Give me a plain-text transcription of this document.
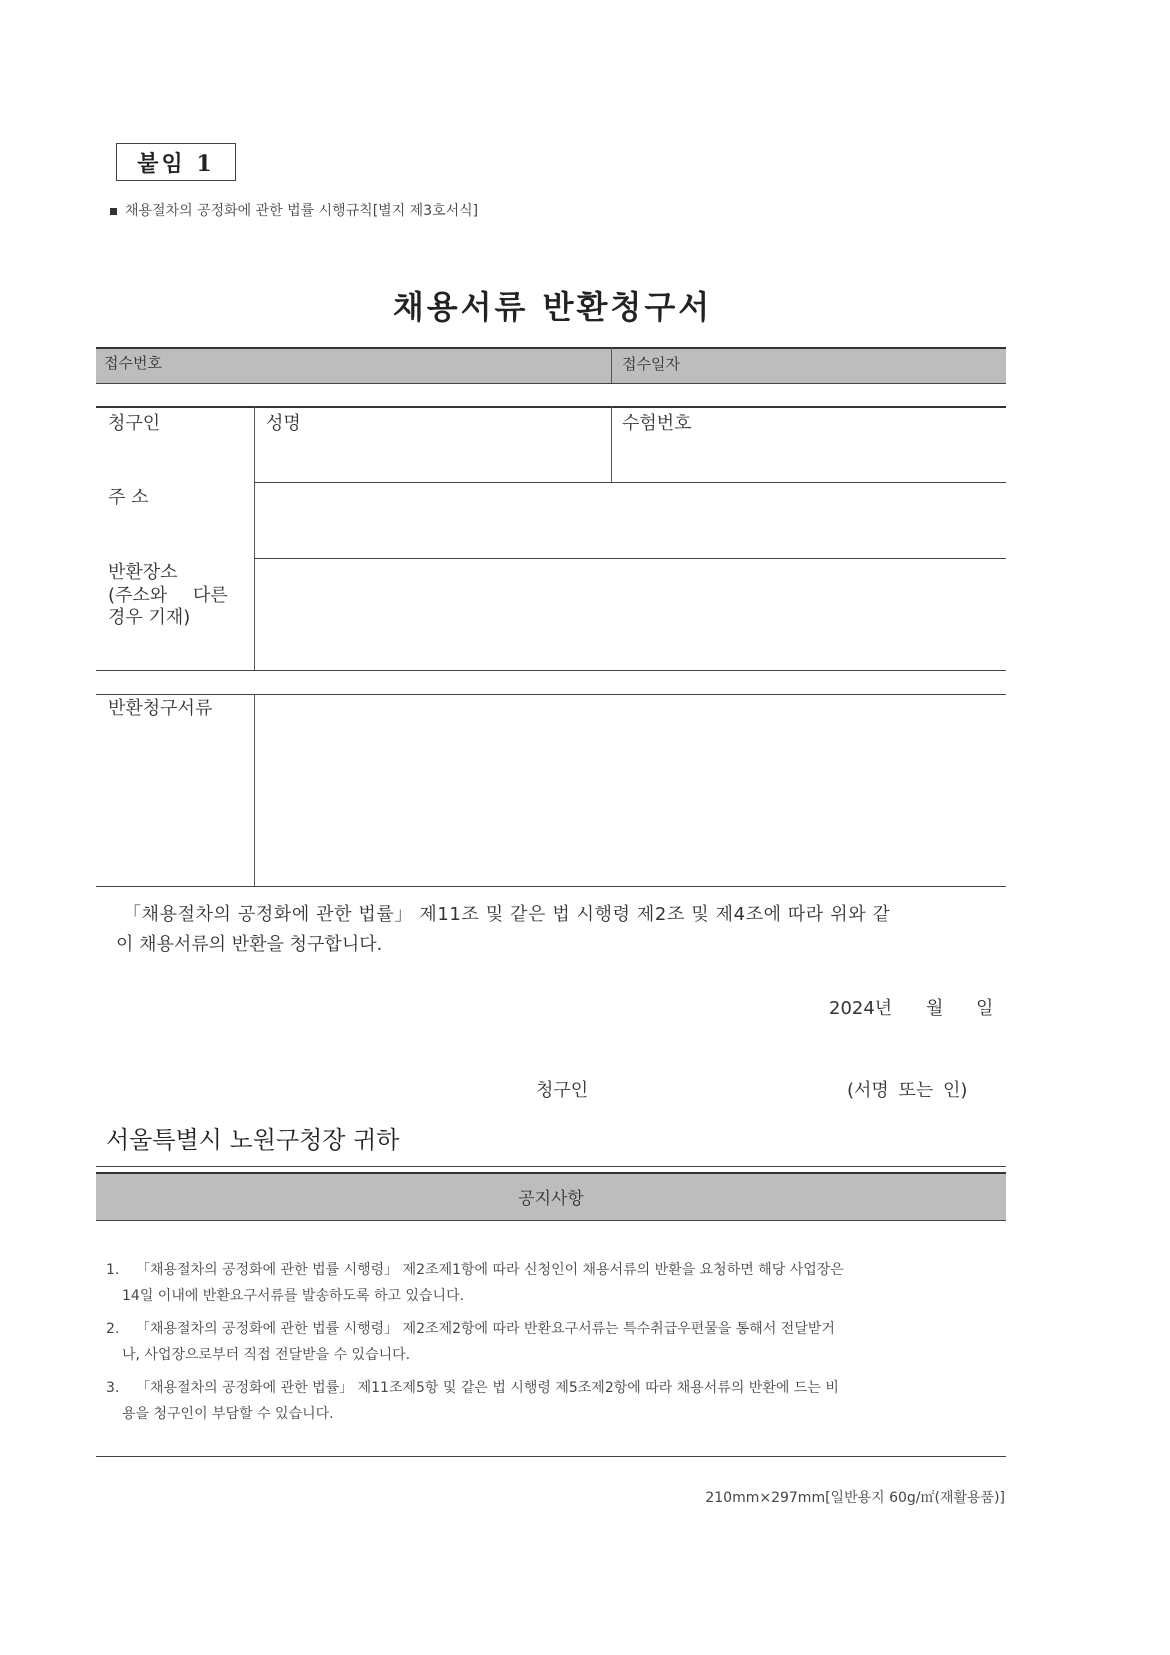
붙임 1
채용절차의 공정화에 관한 법률 시행규칙[별지 제3호서식]
채용서류 반환청구서
접수번호	접수일자
청구인	성명	수험번호
주 소
반환장소
(주소와 다른
경우 기재)
반환청구서류
「채용절차의 공정화에 관한 법률」 제11조 및 같은 법 시행령 제2조 및 제4조에 따라 위와 같
이 채용서류의 반환을 청구합니다.
2024년 월 일
청구인	(서명 또는 인)
서울특별시 노원구청장 귀하
공지사항
1. 「채용절차의 공정화에 관한 법률 시행령」 제2조제1항에 따라 신청인이 채용서류의 반환을 요청하면 해당 사업장은
14일 이내에 반환요구서류를 발송하도록 하고 있습니다.
2. 「채용절차의 공정화에 관한 법률 시행령」 제2조제2항에 따라 반환요구서류는 특수취급우편물을 통해서 전달받거
나, 사업장으로부터 직접 전달받을 수 있습니다.
3. 「채용절차의 공정화에 관한 법률」 제11조제5항 및 같은 법 시행령 제5조제2항에 따라 채용서류의 반환에 드는 비
용을 청구인이 부담할 수 있습니다.
210mm×297mm[일반용지 60g/㎡(재활용품)]
